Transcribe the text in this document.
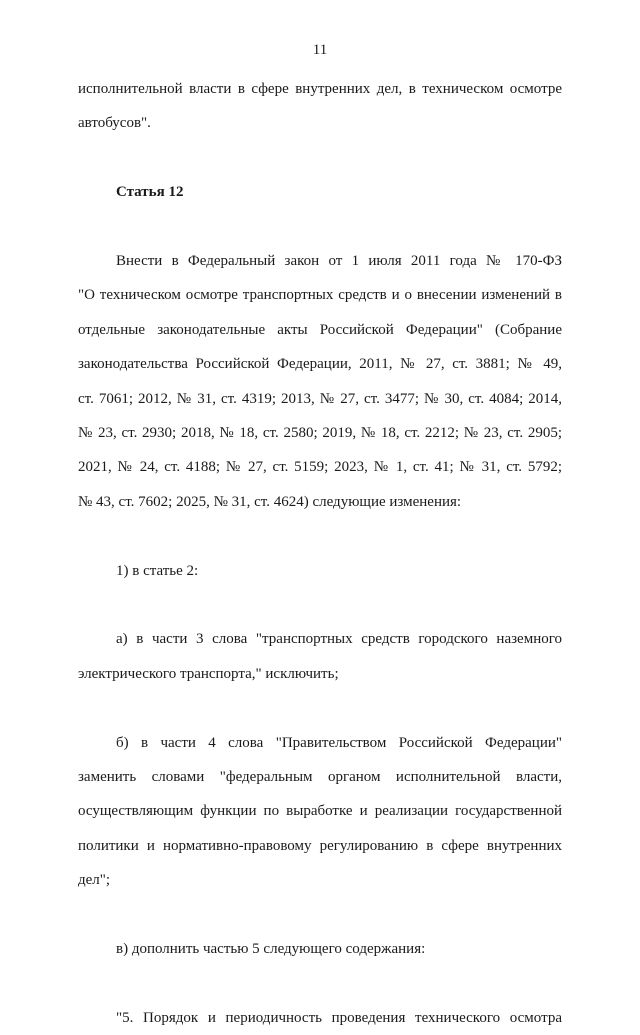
11

исполнительной власти в сфере внутренних дел, в техническом осмотре
автобусов".

Статья 12

Внести в Федеральный закон от 1 июля 2011 года № 170-ФЗ
"О техническом осмотре транспортных средств и о внесении изменений в
отдельные законодательные акты Российской Федерации" (Собрание
законодательства Российской Федерации, 2011, № 27, ст. 3881; № 49,
ст. 7061; 2012, № 31, ст. 4319; 2013, № 27, ст. 3477; № 30, ст. 4084; 2014,
№ 23, ст. 2930; 2018, № 18, ст. 2580; 2019, № 18, ст. 2212; № 23, ст. 2905;
2021, № 24, ст. 4188; № 27, ст. 5159; 2023, № 1, ст. 41; № 31, ст. 5792;
№ 43, ст. 7602; 2025, № 31, ст. 4624) следующие изменения:

1) в статье 2:

а) в части 3 слова "транспортных средств городского наземного
электрического транспорта," исключить;

б) в части 4 слова "Правительством Российской Федерации"
заменить словами "федеральным органом исполнительной власти,
осуществляющим функции по выработке и реализации государственной
политики и нормативно-правовому регулированию в сфере внутренних
дел";

в) дополнить частью 5 следующего содержания:

"5. Порядок и периодичность проведения технического осмотра
